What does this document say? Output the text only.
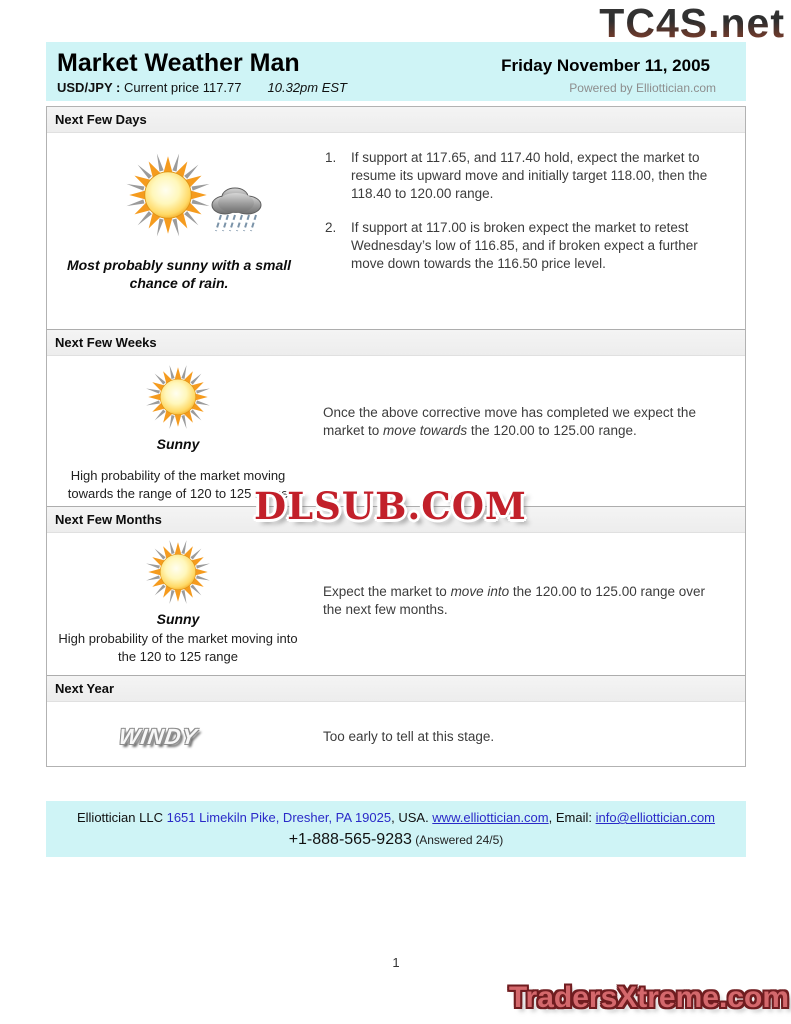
TC4S.net
Market Weather Man	Friday November 11, 2005
USD/JPY : Current price 117.77 10.32pm EST	Powered by Elliottician.com
Next Few Days
Most probably sunny with a small chance of rain.
1.	If support at 117.65, and 117.40 hold, expect the market to resume its upward move and initially target 118.00, then the 118.40 to 120.00 range.
2.	If support at 117.00 is broken expect the market to retest Wednesday’s low of 116.85, and if broken expect a further move down towards the 116.50 price level.
Next Few Weeks
Sunny
High probability of the market moving towards the range of 120 to 125 range
Once the above corrective move has completed we expect the market to move towards the 120.00 to 125.00 range.
Next Few Months
Sunny
High probability of the market moving into the 120 to 125 range
Expect the market to move into the 120.00 to 125.00 range over the next few months.
Next Year
WINDY	Too early to tell at this stage.
Elliottician LLC 1651 Limekiln Pike, Dresher, PA 19025, USA. www.elliottician.com, Email: info@elliottician.com
+1-888-565-9283 (Answered 24/5)
1
DLSUB.COM
TradersXtreme.com
